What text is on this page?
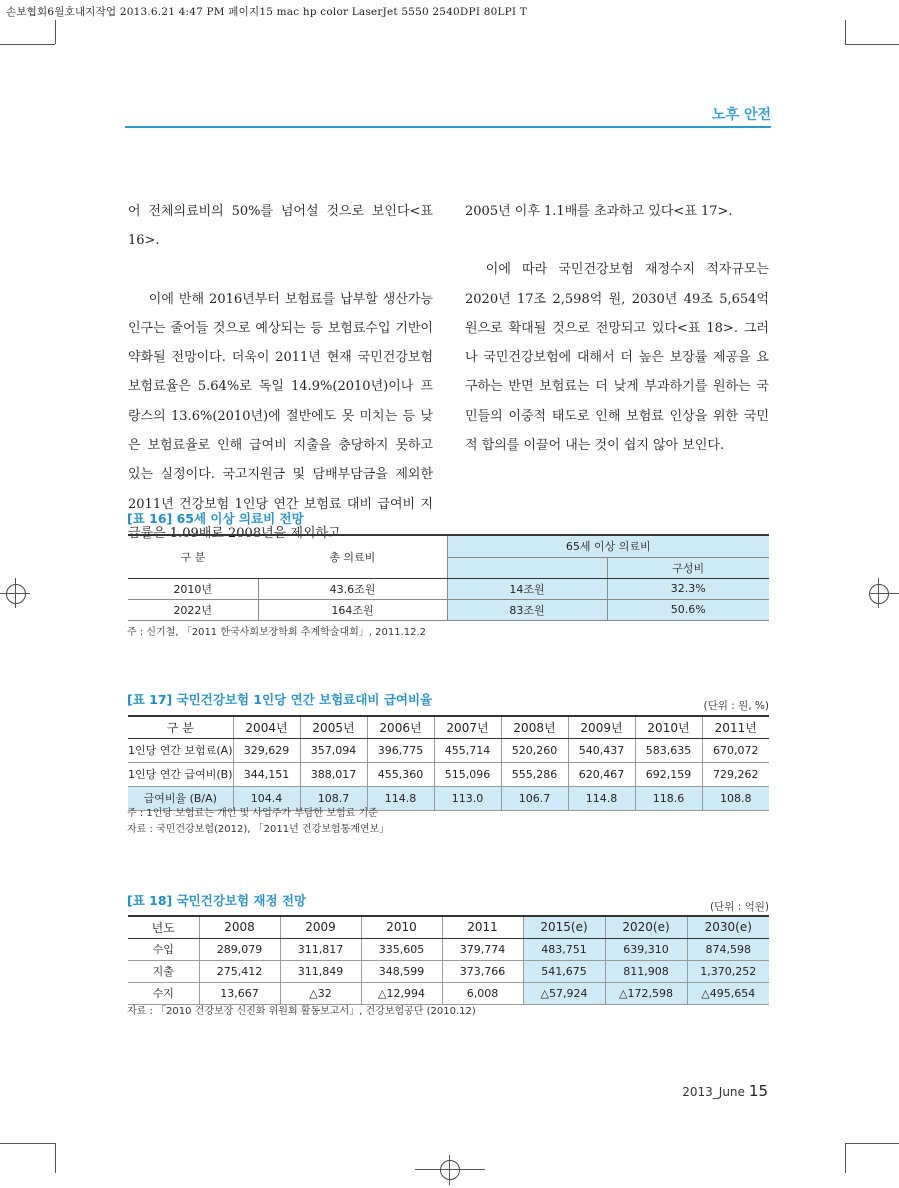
손보협회6월호내지작업 2013.6.21 4:47 PM 페이지15 mac hp color LaserJet 5550 2540DPI 80LPI T
노후 안전

어 전체의료비의 50%를 넘어설 것으로 보인다<표 16>.

이에 반해 2016년부터 보험료를 납부할 생산가능인구는 줄어들 것으로 예상되는 등 보험료수입 기반이 약화될 전망이다. 더욱이 2011년 현재 국민건강보험 보험료율은 5.64%로 독일 14.9%(2010년)이나 프랑스의 13.6%(2010년)에 절반에도 못 미치는 등 낮은 보험료율로 인해 급여비 지출을 충당하지 못하고 있는 실정이다. 국고지원금 및 담배부담금을 제외한 2011년 건강보험 1인당 연간 보험료 대비 급여비 지급률은 1.09배로 2008년을 제외하고

2005년 이후 1.1배를 초과하고 있다<표 17>.

이에 따라 국민건강보험 재정수지 적자규모는 2020년 17조 2,598억 원, 2030년 49조 5,654억 원으로 확대될 것으로 전망되고 있다<표 18>. 그러나 국민건강보험에 대해서 더 높은 보장률 제공을 요구하는 반면 보험료는 더 낮게 부과하기를 원하는 국민들의 이중적 태도로 인해 보험료 인상을 위한 국민적 합의를 이끌어 내는 것이 쉽지 않아 보인다.

[표 16] 65세 이상 의료비 전망
구 분	총 의료비	65세 이상 의료비	
			구성비
2010년	43.6조원	14조원	32.3%
2022년	164조원	83조원	50.6%
주 : 신기철, 「2011 한국사회보장학회 추계학술대회」, 2011.12.2
[표 17] 국민건강보험 1인당 연간 보험료대비 급여비율	(단위 : 원, %)
구 분	2004년	2005년	2006년	2007년	2008년	2009년	2010년	2011년
1인당 연간 보험료(A)	329,629	357,094	396,775	455,714	520,260	540,437	583,635	670,072
1인당 연간 급여비(B)	344,151	388,017	455,360	515,096	555,286	620,467	692,159	729,262
급여비율 (B/A)	104.4	108.7	114.8	113.0	106.7	114.8	118.6	108.8
주 : 1인당 보험료는 개인 및 사업주가 부담한 보험료 기준
자료 : 국민건강보험(2012), 「2011년 건강보험통계연보」
[표 18] 국민건강보험 재정 전망	(단위 : 억원)
년도	2008	2009	2010	2011	2015(e)	2020(e)	2030(e)
수입	289,079	311,817	335,605	379,774	483,751	639,310	874,598
지출	275,412	311,849	348,599	373,766	541,675	811,908	1,370,252
수지	13,667	△32	△12,994	6,008	△57,924	△172,598	△495,654
자료 : 「2010 건강보장 신진화 위원회 활동보고서」, 건강보험공단 (2010.12)
2013_June 15
